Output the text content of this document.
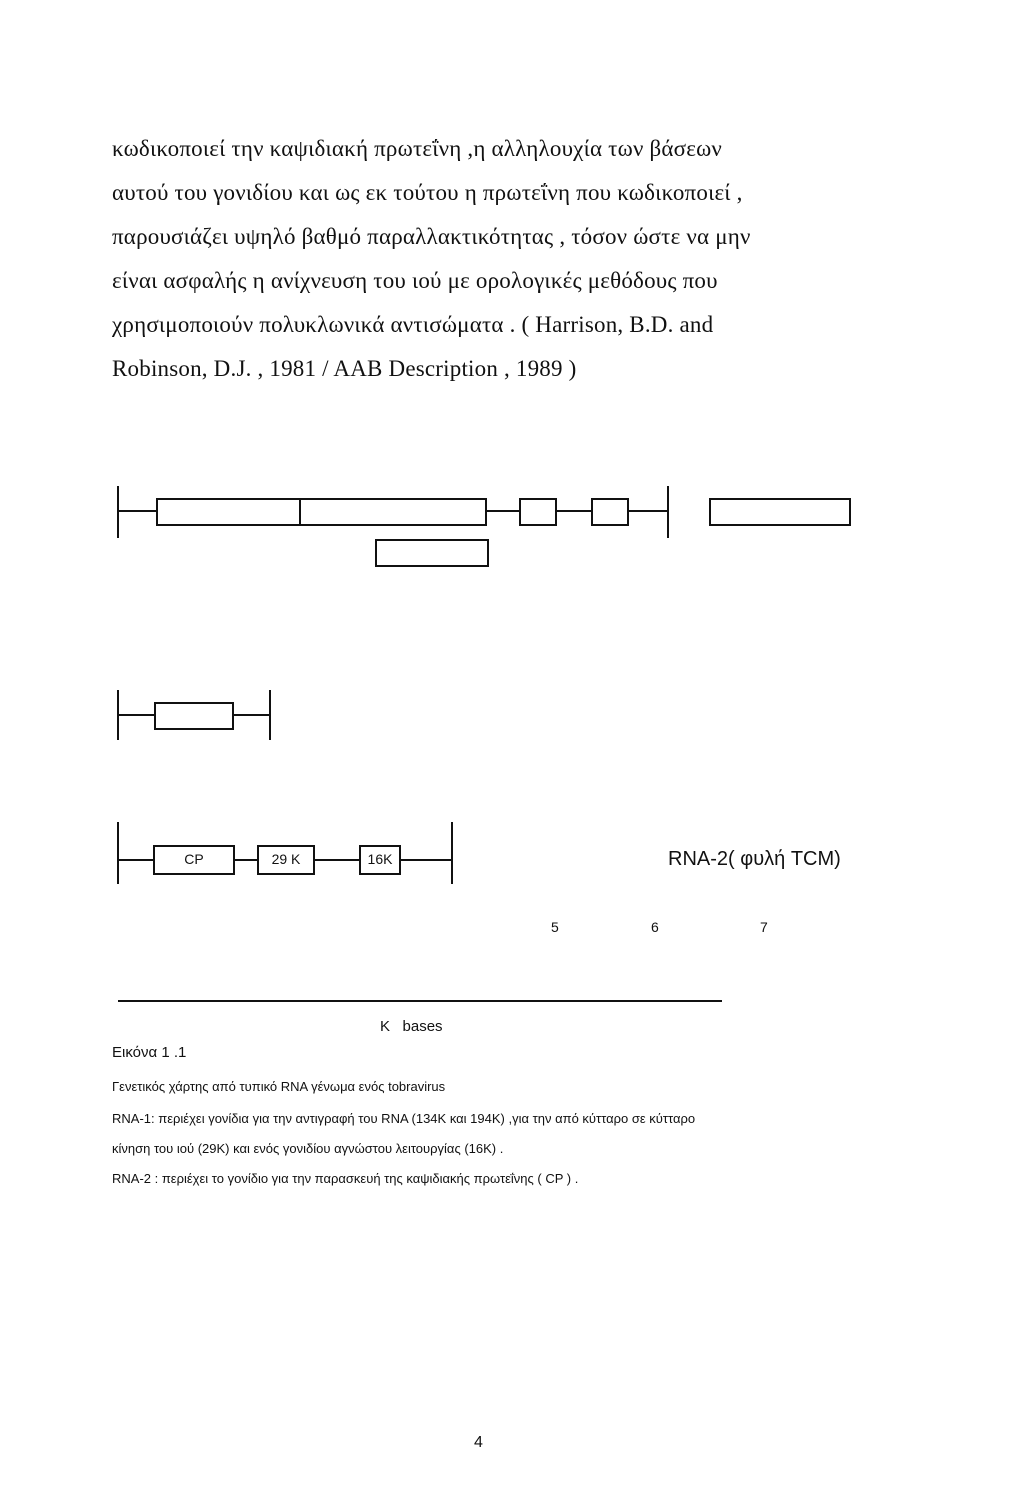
κωδικοποιεί την καψιδιακή πρωτεΐνη ,η αλληλουχία των βάσεων
αυτού του γονιδίου και ως εκ τούτου η πρωτεΐνη που κωδικοποιεί ,
παρουσιάζει υψηλό βαθμό παραλλακτικότητας , τόσον ώστε να μην
είναι ασφαλής η ανίχνευση του ιού με ορολογικές μεθόδους που
χρησιμοποιούν πολυκλωνικά αντισώματα . ( Harrison, B.D. and
Robinson, D.J. , 1981 / AAB Description , 1989 )
CP	29 K	16K	RNA-2( φυλή TCM)
5	6	7
K   bases
Εικόνα 1 .1
Γενετικός χάρτης από τυπικό RNA γένωμα ενός tobravirus
RNA-1: περιέχει γονίδια για την αντιγραφή του RNA (134K και 194K) ,για την από κύτταρο σε κύτταρο
κίνηση του ιού (29K) και ενός γονιδίου αγνώστου λειτουργίας (16K) .
RNA-2 : περιέχει το γονίδιο για την παρασκευή της καψιδιακής πρωτεΐνης ( CP ) .
4
